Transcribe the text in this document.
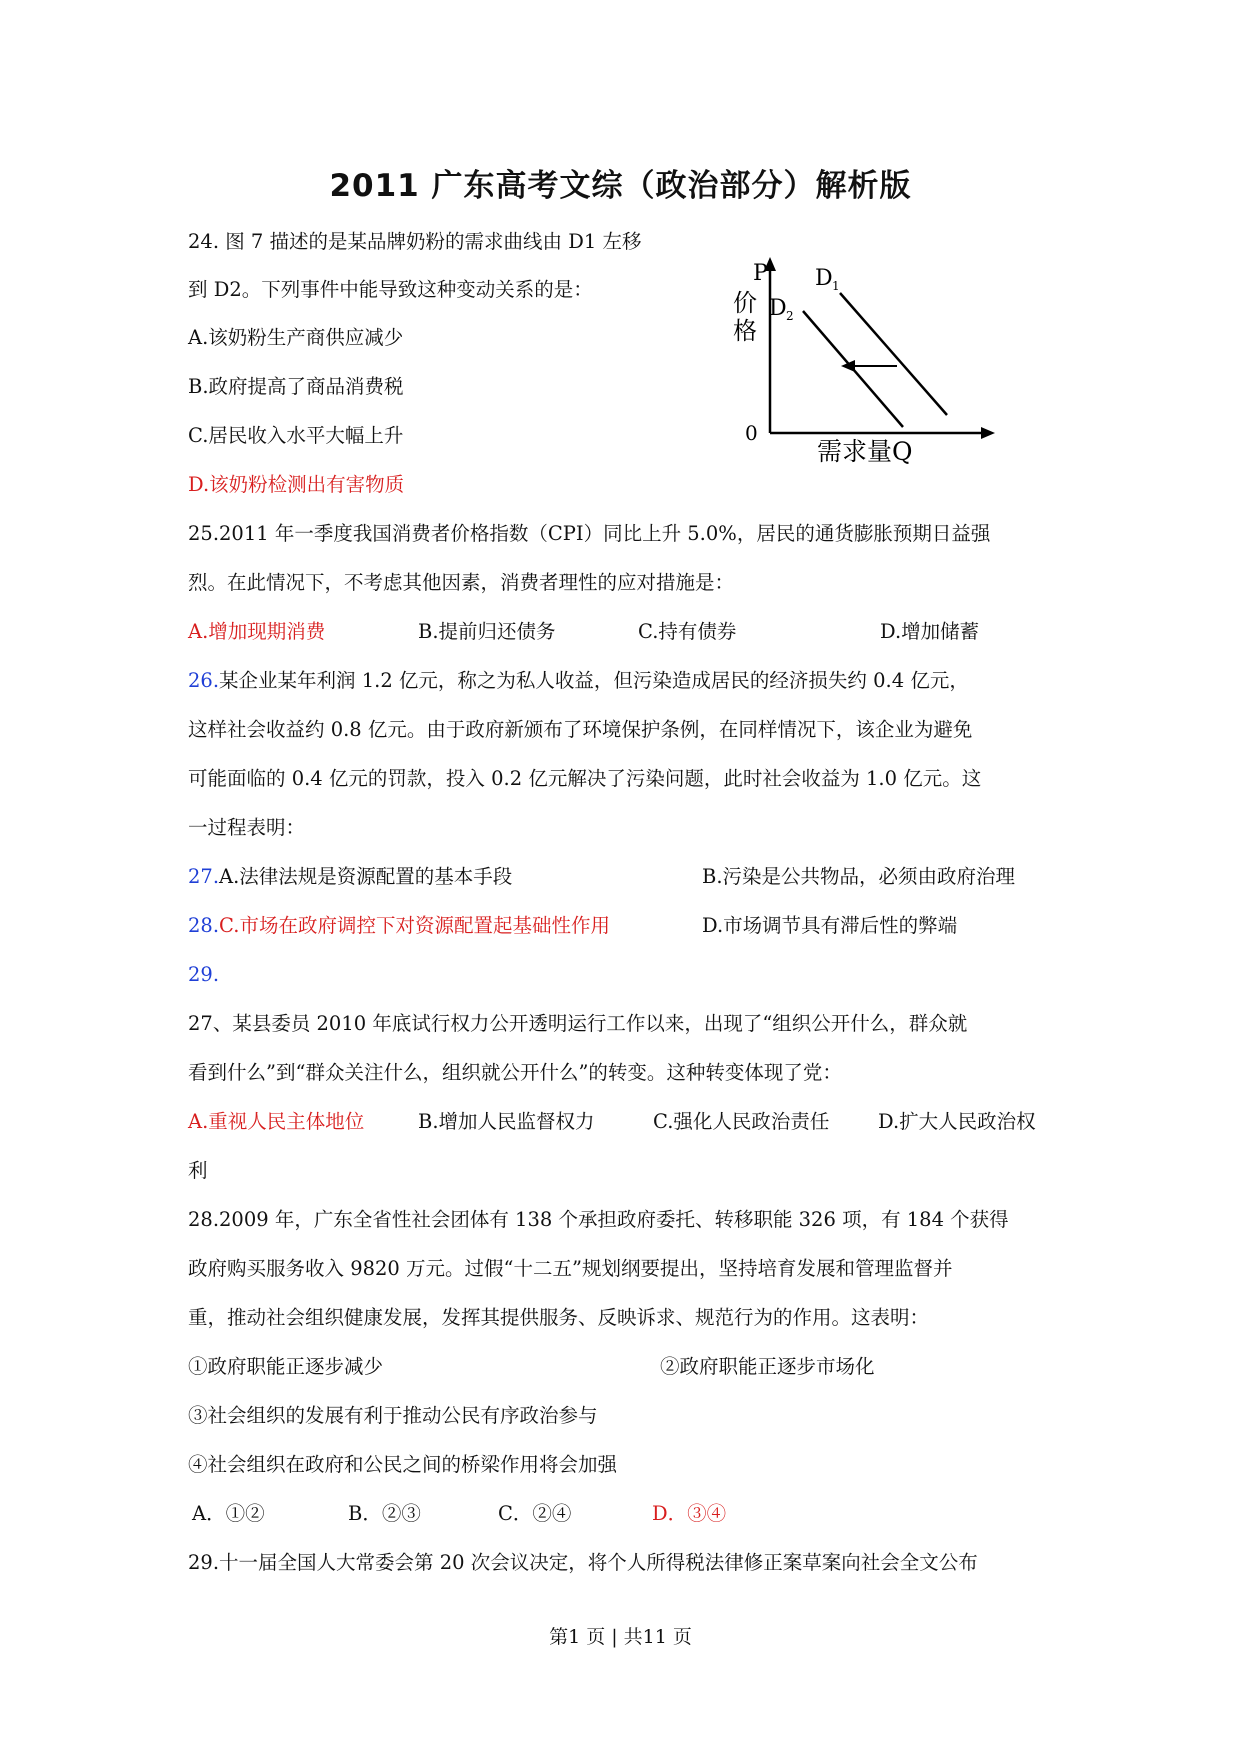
2011 广东高考文综（政治部分）解析版
24. 图 7 描述的是某品牌奶粉的需求曲线由 D1 左移
到 D2。下列事件中能导致这种变动关系的是：
A.该奶粉生产商供应减少
B.政府提高了商品消费税
C.居民收入水平大幅上升
D.该奶粉检测出有害物质
P
价
格
0
需求量Q
D 1
D 2
25.2011 年一季度我国消费者价格指数（CPI）同比上升 5.0%，居民的通货膨胀预期日益强
烈。在此情况下，不考虑其他因素，消费者理性的应对措施是：
A.增加现期消费	B.提前归还债务	C.持有债券	D.增加储蓄
26.某企业某年利润 1.2 亿元，称之为私人收益，但污染造成居民的经济损失约 0.4 亿元，
这样社会收益约 0.8 亿元。由于政府新颁布了环境保护条例，在同样情况下，该企业为避免
可能面临的 0.4 亿元的罚款，投入 0.2 亿元解决了污染问题，此时社会收益为 1.0 亿元。这
一过程表明：
27.A.法律法规是资源配置的基本手段	B.污染是公共物品，必须由政府治理
28.C.市场在政府调控下对资源配置起基础性作用	D.市场调节具有滞后性的弊端
29.
27、某县委员 2010 年底试行权力公开透明运行工作以来，出现了“组织公开什么，群众就
看到什么”到“群众关注什么，组织就公开什么”的转变。这种转变体现了党：
A.重视人民主体地位	B.增加人民监督权力	C.强化人民政治责任 D.扩大人民政治权
利
28.2009 年，广东全省性社会团体有 138 个承担政府委托、转移职能 326 项，有 184 个获得
政府购买服务收入 9820 万元。过假“十二五”规划纲要提出，坚持培育发展和管理监督并
重，推动社会组织健康发展，发挥其提供服务、反映诉求、规范行为的作用。这表明：
①政府职能正逐步减少	②政府职能正逐步市场化
③社会组织的发展有利于推动公民有序政治参与
④社会组织在政府和公民之间的桥梁作用将会加强
A．①②	B．②③	C．②④	D．③④
29.十一届全国人大常委会第 20 次会议决定，将个人所得税法律修正案草案向社会全文公布
第1 页 | 共11 页
